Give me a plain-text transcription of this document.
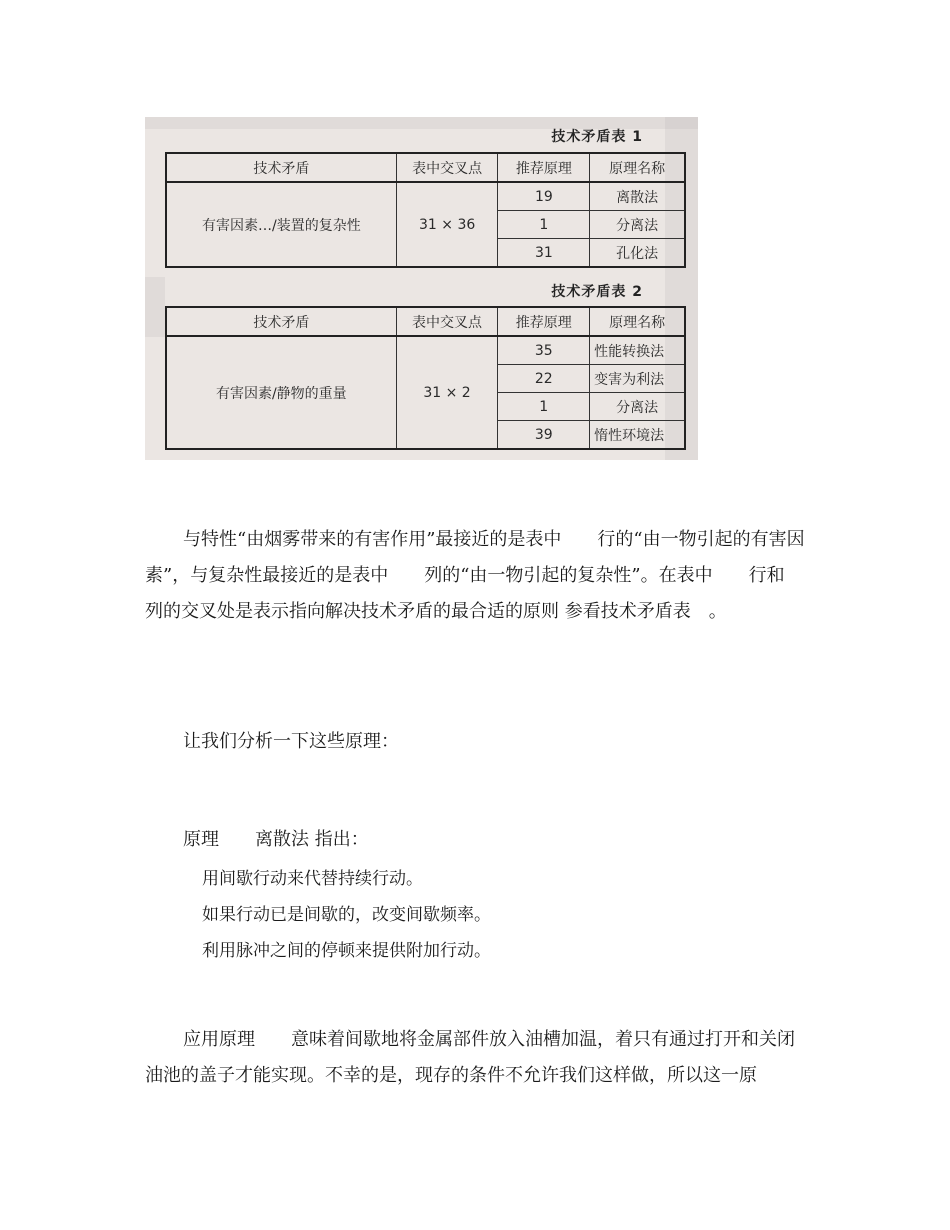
技术矛盾表 1
技术矛盾	表中交叉点	推荐原理	原理名称
有害因素…/装置的复杂性	31 × 36	19	离散法
		1	分离法
		31	孔化法
技术矛盾表 2
技术矛盾	表中交叉点	推荐原理	原理名称
有害因素/静物的重量	31 × 2	35	性能转换法
		22	变害为利法
		1	分离法
		39	惰性环境法
与特性“由烟雾带来的有害作用”最接近的是表中　　行的“由一物引起的有害因素”，与复杂性最接近的是表中　　列的“由一物引起的复杂性”。在表中　　行和　　列的交叉处是表示指向解决技术矛盾的最合适的原则 参看技术矛盾表　。
让我们分析一下这些原理：
原理　　离散法 指出：
用间歇行动来代替持续行动。
如果行动已是间歇的，改变间歇频率。
利用脉冲之间的停顿来提供附加行动。
应用原理　　意味着间歇地将金属部件放入油槽加温，着只有通过打开和关闭油池的盖子才能实现。不幸的是，现存的条件不允许我们这样做，所以这一原
